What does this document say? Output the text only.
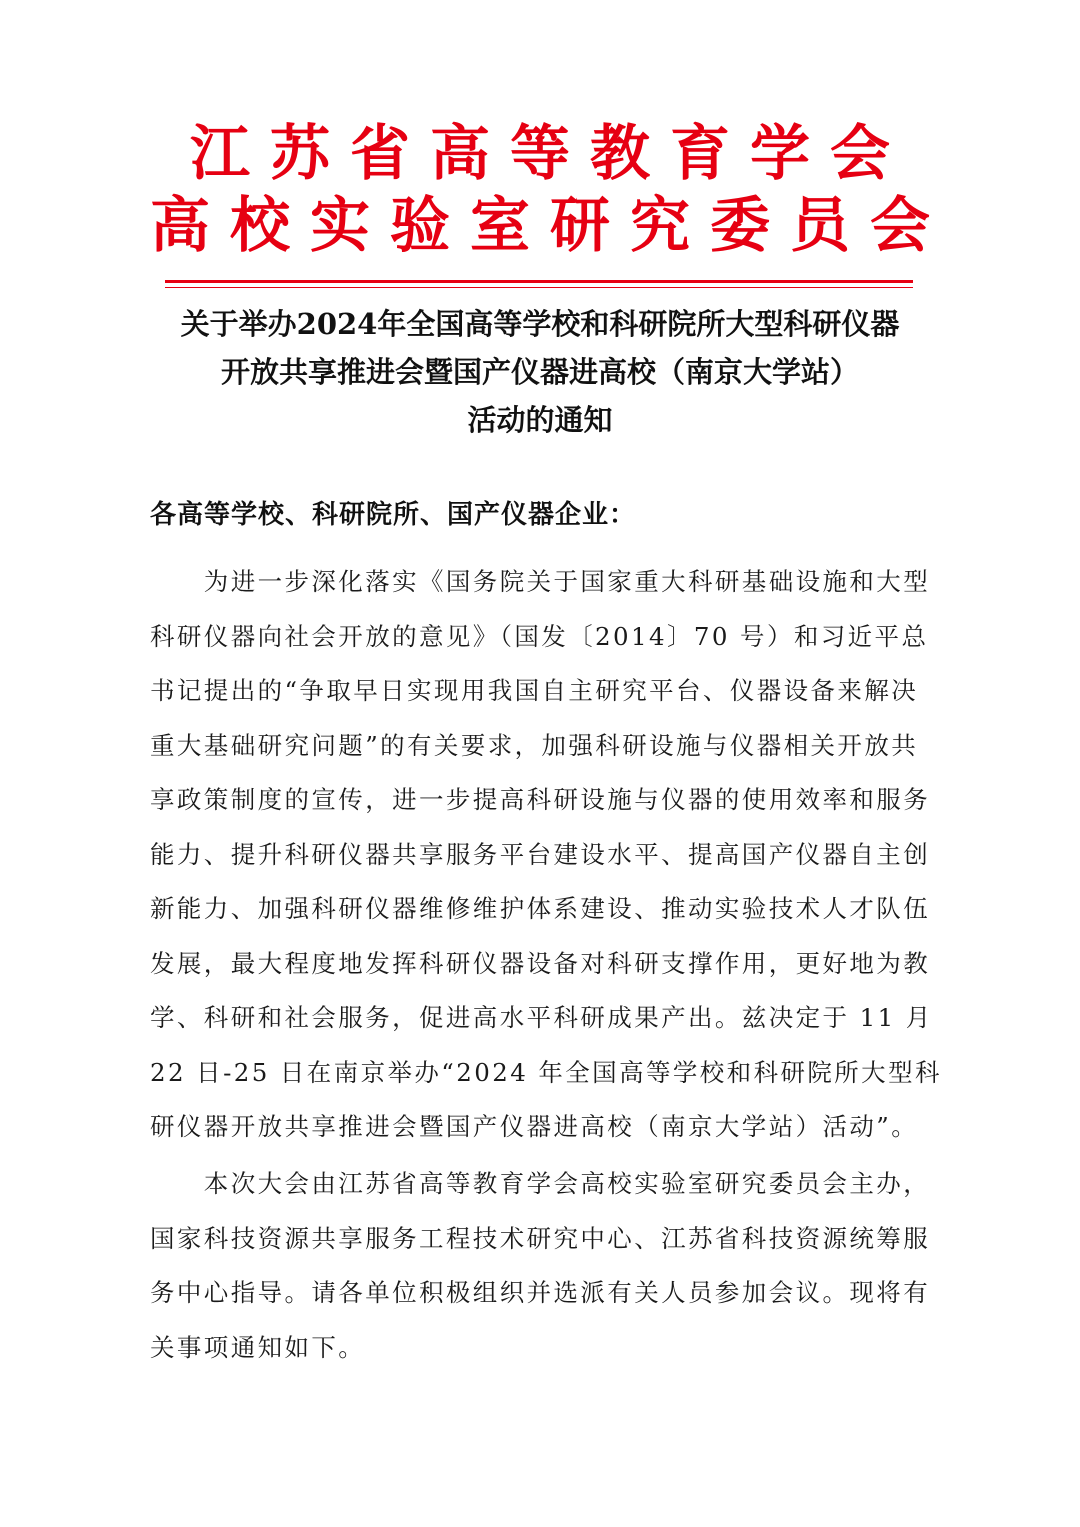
江苏省高等教育学会
高校实验室研究委员会
关于举办2024年全国高等学校和科研院所大型科研仪器
开放共享推进会暨国产仪器进高校（南京大学站）
活动的通知
各高等学校、科研院所、国产仪器企业：
　　为进一步深化落实《国务院关于国家重大科研基础设施和大型
科研仪器向社会开放的意见》（国发〔2014〕70 号）和习近平总
书记提出的“争取早日实现用我国自主研究平台、仪器设备来解决
重大基础研究问题”的有关要求，加强科研设施与仪器相关开放共
享政策制度的宣传，进一步提高科研设施与仪器的使用效率和服务
能力、提升科研仪器共享服务平台建设水平、提高国产仪器自主创
新能力、加强科研仪器维修维护体系建设、推动实验技术人才队伍
发展，最大程度地发挥科研仪器设备对科研支撑作用，更好地为教
学、科研和社会服务，促进高水平科研成果产出。兹决定于 11 月
22 日-25 日在南京举办“2024 年全国高等学校和科研院所大型科
研仪器开放共享推进会暨国产仪器进高校（南京大学站）活动”。
　　本次大会由江苏省高等教育学会高校实验室研究委员会主办，
国家科技资源共享服务工程技术研究中心、江苏省科技资源统筹服
务中心指导。请各单位积极组织并选派有关人员参加会议。现将有
关事项通知如下。
